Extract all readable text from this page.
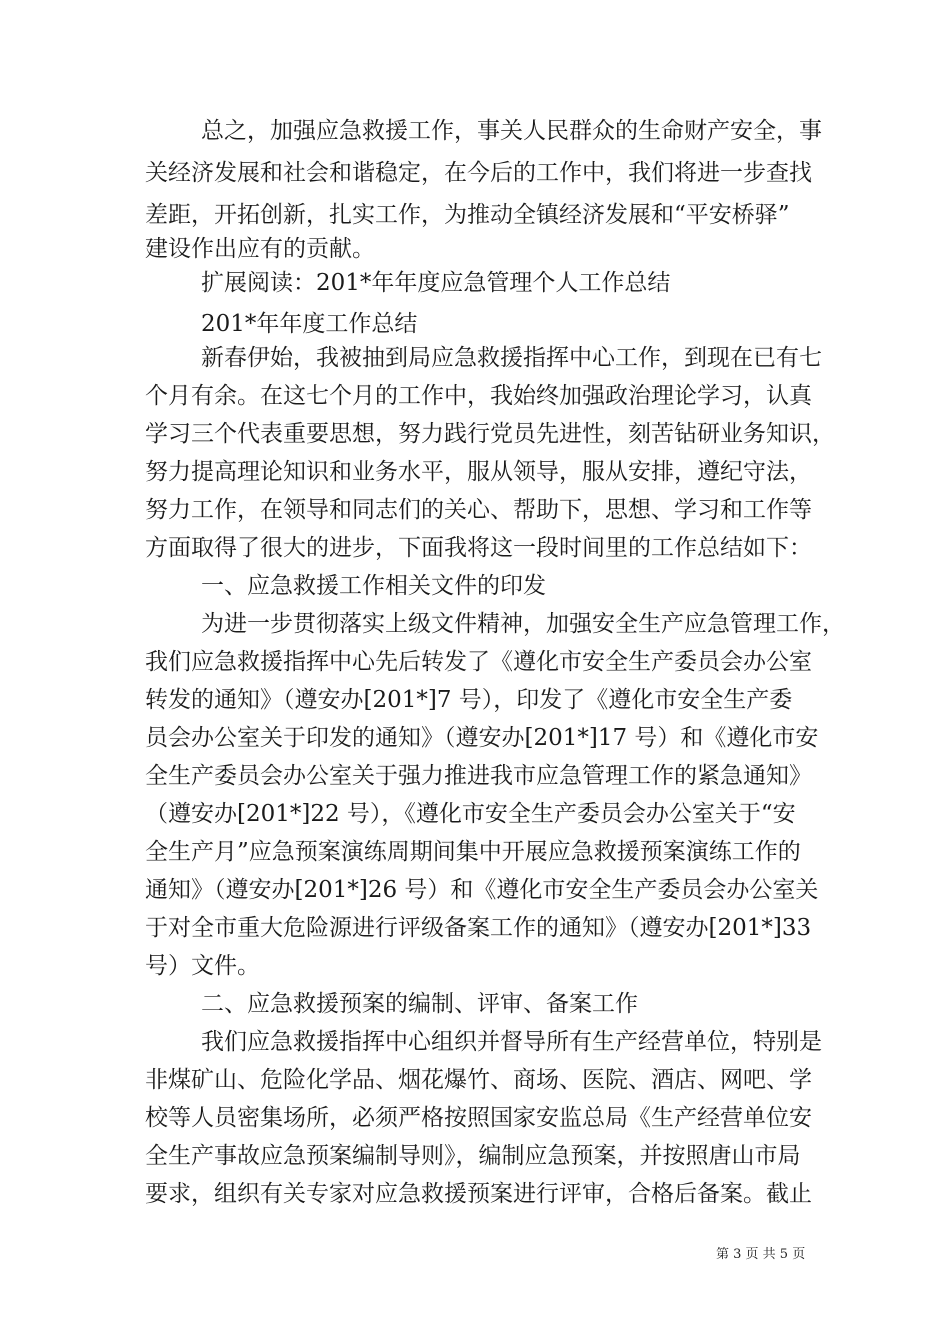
总之，加强应急救援工作，事关人民群众的生命财产安全，事
关经济发展和社会和谐稳定，在今后的工作中，我们将进一步查找
差距，开拓创新，扎实工作，为推动全镇经济发展和“平安桥驿”
建设作出应有的贡献。
扩展阅读：201*年年度应急管理个人工作总结
201*年年度工作总结
新春伊始，我被抽到局应急救援指挥中心工作，到现在已有七
个月有余。在这七个月的工作中，我始终加强政治理论学习，认真
学习三个代表重要思想，努力践行党员先进性，刻苦钻研业务知识，
努力提高理论知识和业务水平，服从领导，服从安排，遵纪守法，
努力工作，在领导和同志们的关心、帮助下，思想、学习和工作等
方面取得了很大的进步，下面我将这一段时间里的工作总结如下：
一、应急救援工作相关文件的印发
为进一步贯彻落实上级文件精神，加强安全生产应急管理工作，
我们应急救援指挥中心先后转发了《遵化市安全生产委员会办公室
转发的通知》（遵安办[201*]7 号），印发了《遵化市安全生产委
员会办公室关于印发的通知》（遵安办[201*]17 号）和《遵化市安
全生产委员会办公室关于强力推进我市应急管理工作的紧急通知》
（遵安办[201*]22 号），《遵化市安全生产委员会办公室关于“安
全生产月”应急预案演练周期间集中开展应急救援预案演练工作的
通知》（遵安办[201*]26 号）和《遵化市安全生产委员会办公室关
于对全市重大危险源进行评级备案工作的通知》（遵安办[201*]33
号）文件。
二、应急救援预案的编制、评审、备案工作
我们应急救援指挥中心组织并督导所有生产经营单位，特别是
非煤矿山、危险化学品、烟花爆竹、商场、医院、酒店、网吧、学
校等人员密集场所，必须严格按照国家安监总局《生产经营单位安
全生产事故应急预案编制导则》，编制应急预案，并按照唐山市局
要求，组织有关专家对应急救援预案进行评审，合格后备案。截止
第 3 页 共 5 页
